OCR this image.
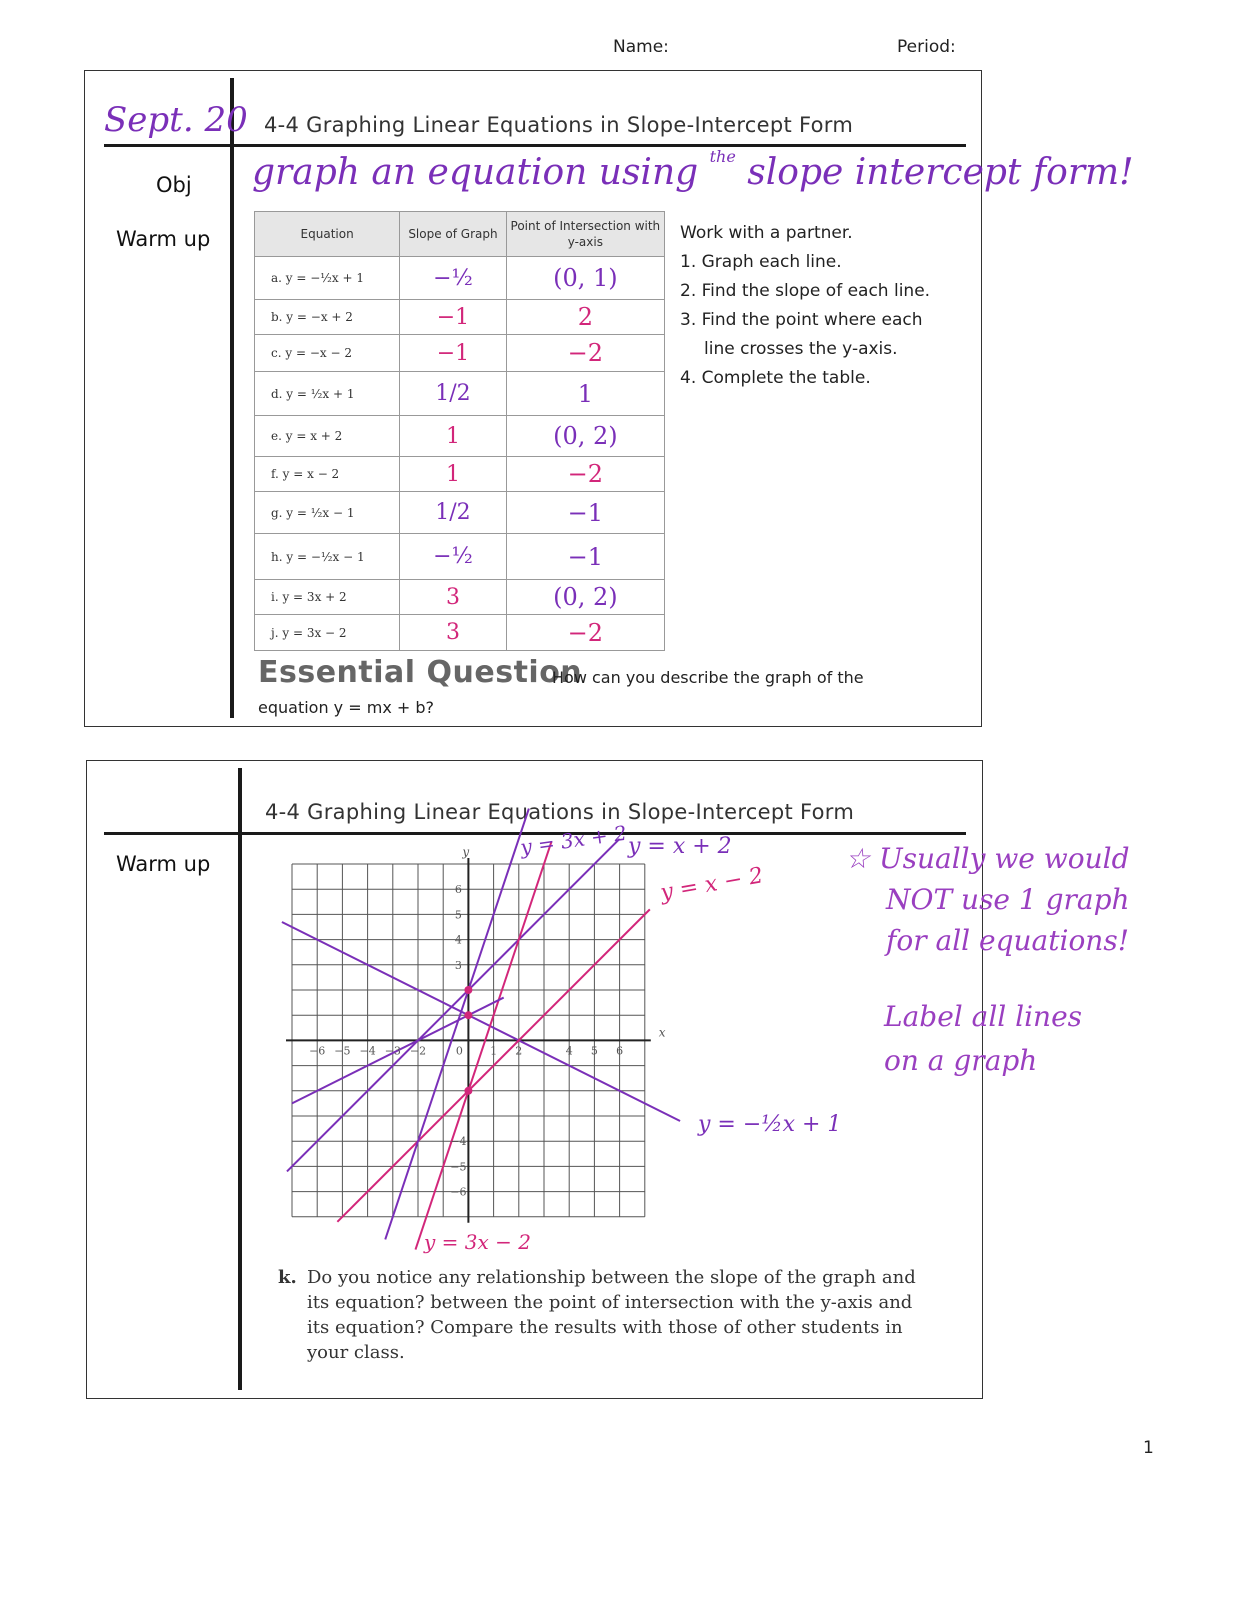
Name:	Period:
Sept. 20 4-4 Graphing Linear Equations in Slope-Intercept Form
Obj
Warm up
graph an equation using $^{the}$ slope intercept form!
Equation	Slope of Graph	Point of Intersection with y-axis
a. y = −½x + 1	−½	(0, 1)
b. y = −x + 2	−1	2
c. y = −x − 2	−1	−2
d. y = ½x + 1	1/2	1
e. y = x + 2	1	(0, 2)
f. y = x − 2	1	−2
g. y = ½x − 1	1/2	−1
h. y = −½x − 1	−½	−1
i. y = 3x + 2	3	(0, 2)
j. y = 3x − 2	3	−2
Work with a partner.
1. Graph each line.
2. Find the slope of each line.
3. Find the point where each
line crosses the y-axis.
4. Complete the table.
Essential Question
How can you describe the graph of the
equation y = mx + b?
4-4 Graphing Linear Equations in Slope-Intercept Form
Warm up
−6 −5 −4 −3 −2	1 2	4 5 6
6
5
4
3
−4
−5
−6
0
x
y y = 3x + 2 y = x + 2
y = x − 2
y = −½x + 1
y = 3x − 2
☆ Usually we would
NOT use 1 graph
for all equations!
Label all lines
on a graph
k. Do you notice any relationship between the slope of the graph and
its equation? between the point of intersection with the y-axis and
its equation? Compare the results with those of other students in
your class.
1
